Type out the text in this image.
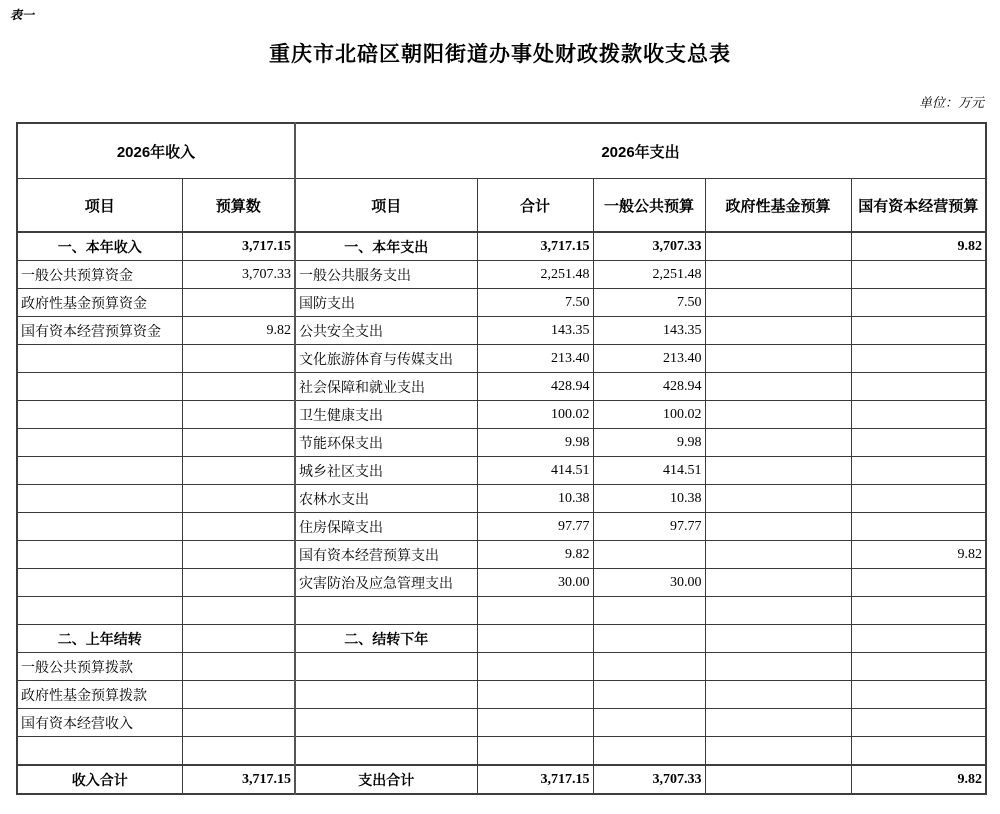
表一
重庆市北碚区朝阳街道办事处财政拨款收支总表
单位：万元
2026年收入		2026年支出				
项目	预算数	项目	合计	一般公共预算	政府性基金预算	国有资本经营预算
一、本年收入	3,717.15	一、本年支出	3,717.15	3,707.33		9.82
一般公共预算资金	3,707.33	一般公共服务支出	2,251.48	2,251.48		
政府性基金预算资金		国防支出	7.50	7.50		
国有资本经营预算资金	9.82	公共安全支出	143.35	143.35		
		文化旅游体育与传媒支出	213.40	213.40		
		社会保障和就业支出	428.94	428.94		
		卫生健康支出	100.02	100.02		
		节能环保支出	9.98	9.98		
		城乡社区支出	414.51	414.51		
		农林水支出	10.38	10.38		
		住房保障支出	97.77	97.77		
		国有资本经营预算支出	9.82			9.82
		灾害防治及应急管理支出	30.00	30.00		

二、上年结转		二、结转下年				
一般公共预算拨款						
政府性基金预算拨款						
国有资本经营收入						

收入合计	3,717.15	支出合计	3,717.15	3,707.33		9.82
